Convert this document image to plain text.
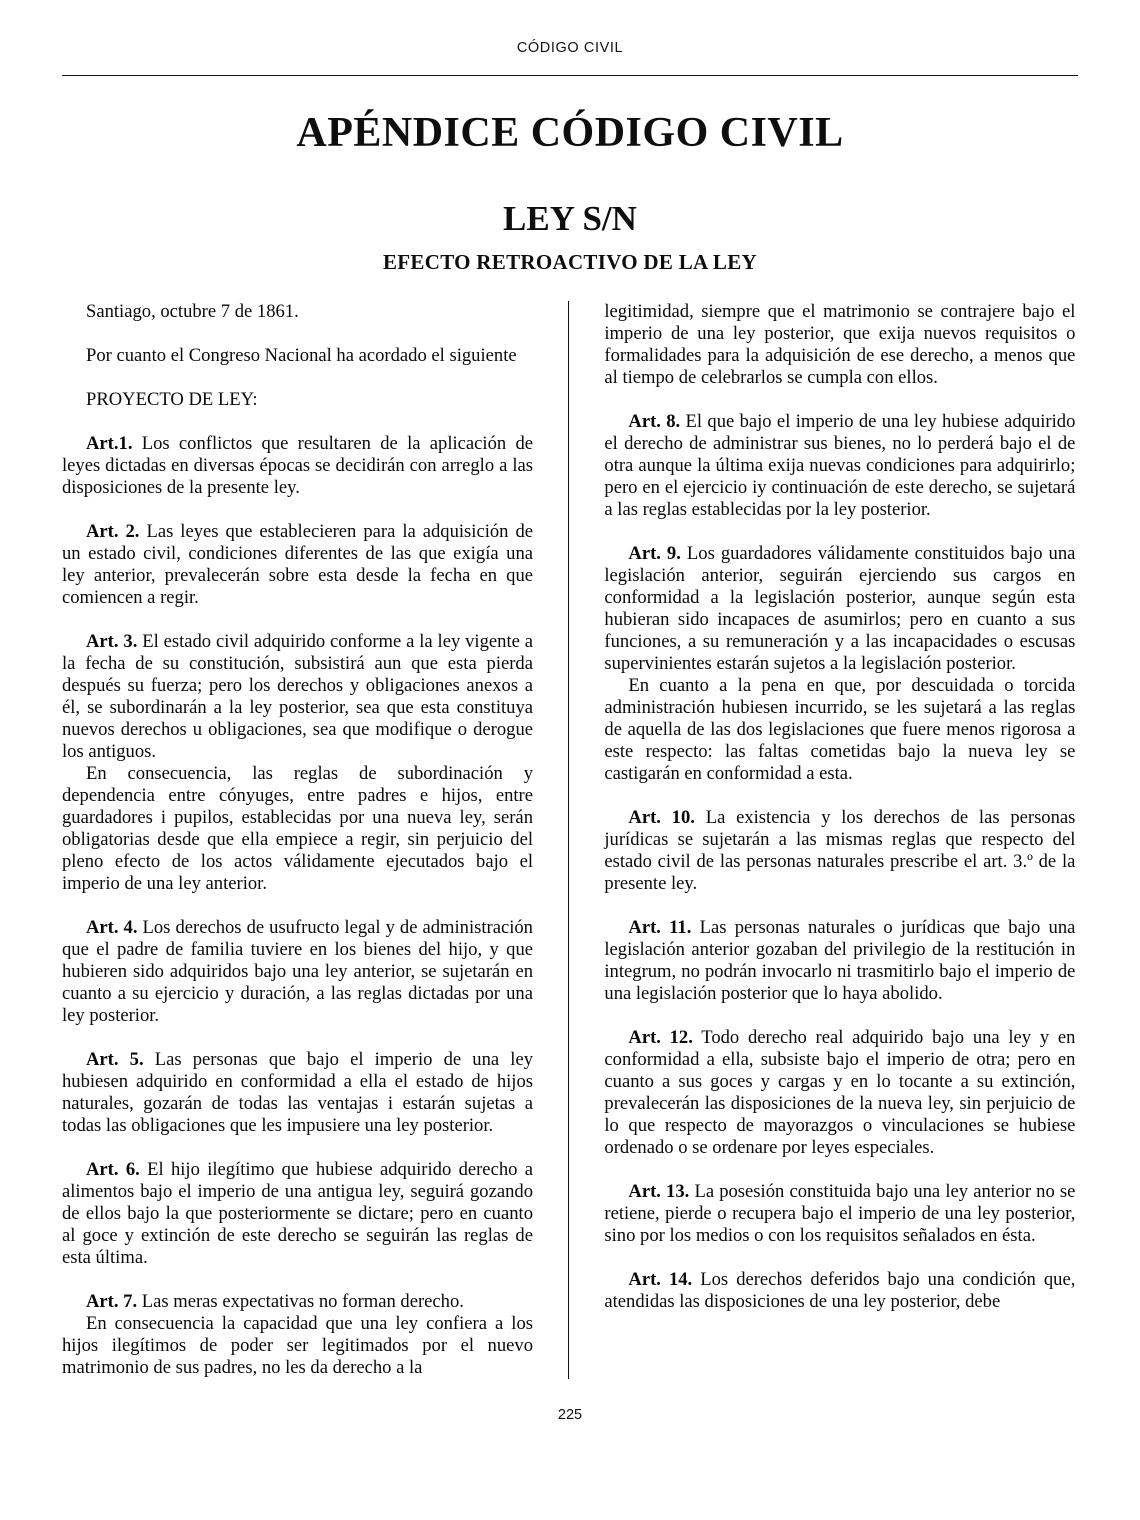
CÓDIGO CIVIL
APÉNDICE CÓDIGO CIVIL
LEY S/N
EFECTO RETROACTIVO DE LA LEY

Santiago, octubre 7 de 1861.

Por cuanto el Congreso Nacional ha acordado el siguiente

PROYECTO DE LEY:

Art.1. Los conflictos que resultaren de la aplicación de leyes dictadas en diversas épocas se decidirán con arreglo a las disposiciones de la presente ley.

Art. 2. Las leyes que establecieren para la adquisición de un estado civil, condiciones diferentes de las que exigía una ley anterior, prevalecerán sobre esta desde la fecha en que comiencen a regir.

Art. 3. El estado civil adquirido conforme a la ley vigente a la fecha de su constitución, subsistirá aun que esta pierda después su fuerza; pero los derechos y obligaciones anexos a él, se subordinarán a la ley posterior, sea que esta constituya nuevos derechos u obligaciones, sea que modifique o derogue los antiguos.

En consecuencia, las reglas de subordinación y dependencia entre cónyuges, entre padres e hijos, entre guardadores i pupilos, establecidas por una nueva ley, serán obligatorias desde que ella empiece a regir, sin perjuicio del pleno efecto de los actos válidamente ejecutados bajo el imperio de una ley anterior.

Art. 4. Los derechos de usufructo legal y de administración que el padre de familia tuviere en los bienes del hijo, y que hubieren sido adquiridos bajo una ley anterior, se sujetarán en cuanto a su ejercicio y duración, a las reglas dictadas por una ley posterior.

Art. 5. Las personas que bajo el imperio de una ley hubiesen adquirido en conformidad a ella el estado de hijos naturales, gozarán de todas las ventajas i estarán sujetas a todas las obligaciones que les impusiere una ley posterior.

Art. 6. El hijo ilegítimo que hubiese adquirido derecho a alimentos bajo el imperio de una antigua ley, seguirá gozando de ellos bajo la que posteriormente se dictare; pero en cuanto al goce y extinción de este derecho se seguirán las reglas de esta última.

Art. 7. Las meras expectativas no forman derecho.

En consecuencia la capacidad que una ley confiera a los hijos ilegítimos de poder ser legitimados por el nuevo matrimonio de sus padres, no les da derecho a la

legitimidad, siempre que el matrimonio se contrajere bajo el imperio de una ley posterior, que exija nuevos requisitos o formalidades para la adquisición de ese derecho, a menos que al tiempo de celebrarlos se cumpla con ellos.

Art. 8. El que bajo el imperio de una ley hubiese adquirido el derecho de administrar sus bienes, no lo perderá bajo el de otra aunque la última exija nuevas condiciones para adquirirlo; pero en el ejercicio iy continuación de este derecho, se sujetará a las reglas establecidas por la ley posterior.

Art. 9. Los guardadores válidamente constituidos bajo una legislación anterior, seguirán ejerciendo sus cargos en conformidad a la legislación posterior, aunque según esta hubieran sido incapaces de asumirlos; pero en cuanto a sus funciones, a su remuneración y a las incapacidades o escusas supervinientes estarán sujetos a la legislación posterior.

En cuanto a la pena en que, por descuidada o torcida administración hubiesen incurrido, se les sujetará a las reglas de aquella de las dos legislaciones que fuere menos rigorosa a este respecto: las faltas cometidas bajo la nueva ley se castigarán en conformidad a esta.

Art. 10. La existencia y los derechos de las personas jurídicas se sujetarán a las mismas reglas que respecto del estado civil de las personas naturales prescribe el art. 3.º de la presente ley.

Art. 11. Las personas naturales o jurídicas que bajo una legislación anterior gozaban del privilegio de la restitución in integrum, no podrán invocarlo ni trasmitirlo bajo el imperio de una legislación posterior que lo haya abolido.

Art. 12. Todo derecho real adquirido bajo una ley y en conformidad a ella, subsiste bajo el imperio de otra; pero en cuanto a sus goces y cargas y en lo tocante a su extinción, prevalecerán las disposiciones de la nueva ley, sin perjuicio de lo que respecto de mayorazgos o vinculaciones se hubiese ordenado o se ordenare por leyes especiales.

Art. 13. La posesión constituida bajo una ley anterior no se retiene, pierde o recupera bajo el imperio de una ley posterior, sino por los medios o con los requisitos señalados en ésta.

Art. 14. Los derechos deferidos bajo una condición que, atendidas las disposiciones de una ley posterior, debe

225
